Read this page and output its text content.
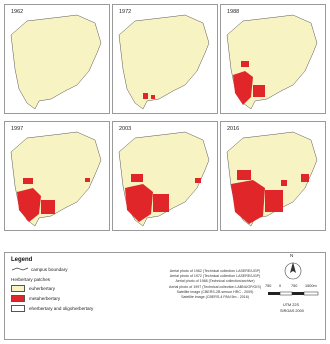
1962	1972	1988
1997	2003	2016
Legend
campus boundary
Herbertary patches
euherbertary
metaherbertary
eherbertary and oligoherbertary
Aerial photo of 1962 (Technical collection LASERE/UGP)
Aerial photo of 1972 (Technical collection LASERE/UGP)
Aerial photo of 1988 (Technical collection/archive)
Aerial photo of 1997 (Technical collection LABNUGP/GIS)
Satellite image (CBERS-2B sensor HRC - 2009)
Satellite image (CBERS-4 PAN 5m - 2016)
N
750 0	750 1500m
UTM 22S
SIRGAS 2000
